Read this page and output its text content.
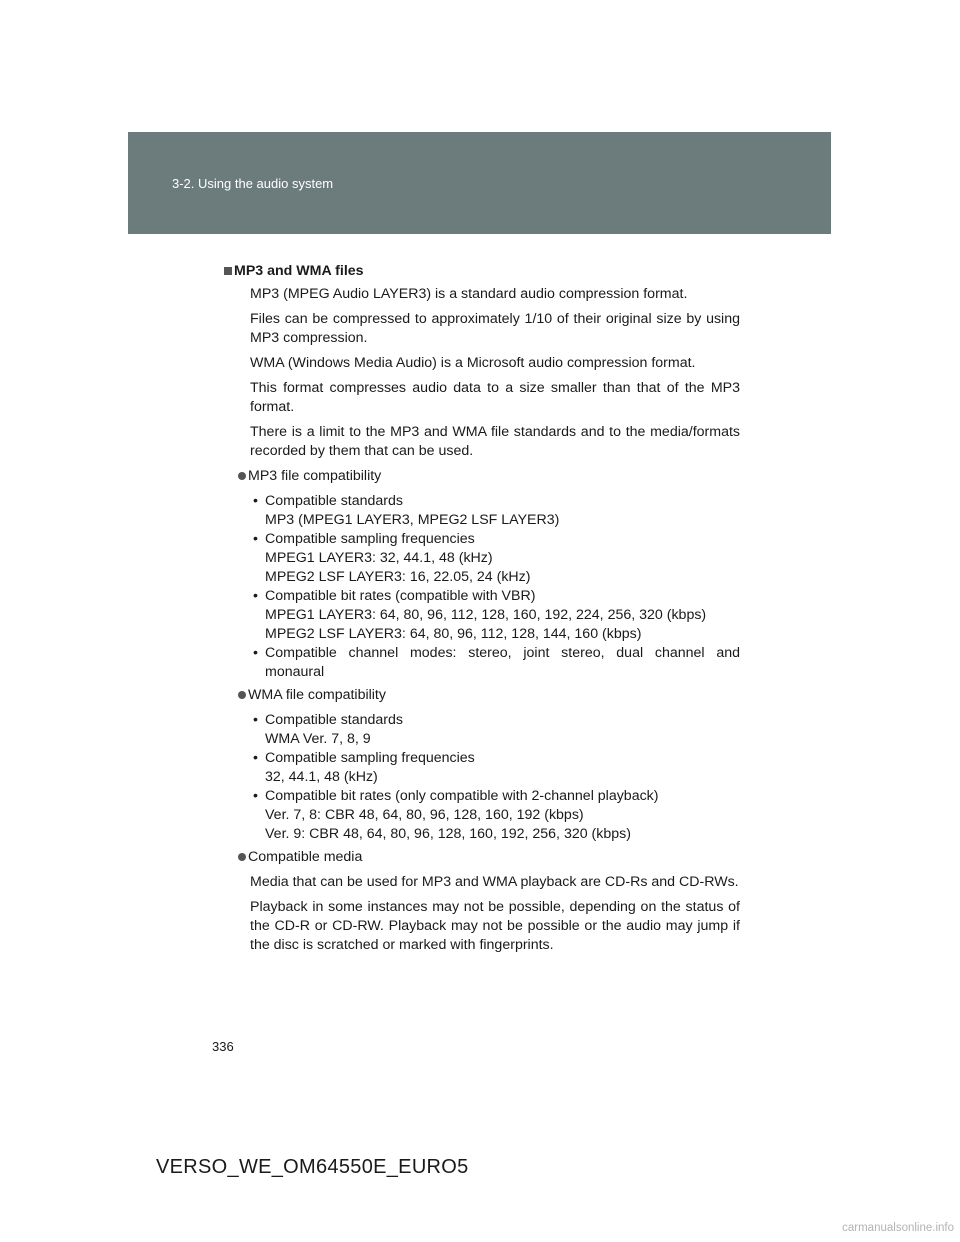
3-2. Using the audio system
MP3 and WMA files
MP3 (MPEG Audio LAYER3) is a standard audio compression format.
Files can be compressed to approximately 1/10 of their original size by using MP3 compression.
WMA (Windows Media Audio) is a Microsoft audio compression format.
This format compresses audio data to a size smaller than that of the MP3 format.
There is a limit to the MP3 and WMA file standards and to the media/formats recorded by them that can be used.
MP3 file compatibility
• Compatible standards
MP3 (MPEG1 LAYER3, MPEG2 LSF LAYER3)
• Compatible sampling frequencies
MPEG1 LAYER3: 32, 44.1, 48 (kHz)
MPEG2 LSF LAYER3: 16, 22.05, 24 (kHz)
• Compatible bit rates (compatible with VBR)
MPEG1 LAYER3: 64, 80, 96, 112, 128, 160, 192, 224, 256, 320 (kbps)
MPEG2 LSF LAYER3: 64, 80, 96, 112, 128, 144, 160 (kbps)
• Compatible channel modes: stereo, joint stereo, dual channel and monaural
WMA file compatibility
• Compatible standards
WMA Ver. 7, 8, 9
• Compatible sampling frequencies
32, 44.1, 48 (kHz)
• Compatible bit rates (only compatible with 2-channel playback)
Ver. 7, 8: CBR 48, 64, 80, 96, 128, 160, 192 (kbps)
Ver. 9: CBR 48, 64, 80, 96, 128, 160, 192, 256, 320 (kbps)
Compatible media
Media that can be used for MP3 and WMA playback are CD-Rs and CD-RWs.
Playback in some instances may not be possible, depending on the status of the CD-R or CD-RW. Playback may not be possible or the audio may jump if the disc is scratched or marked with fingerprints.
336
VERSO_WE_OM64550E_EURO5
carmanualsonline.info
